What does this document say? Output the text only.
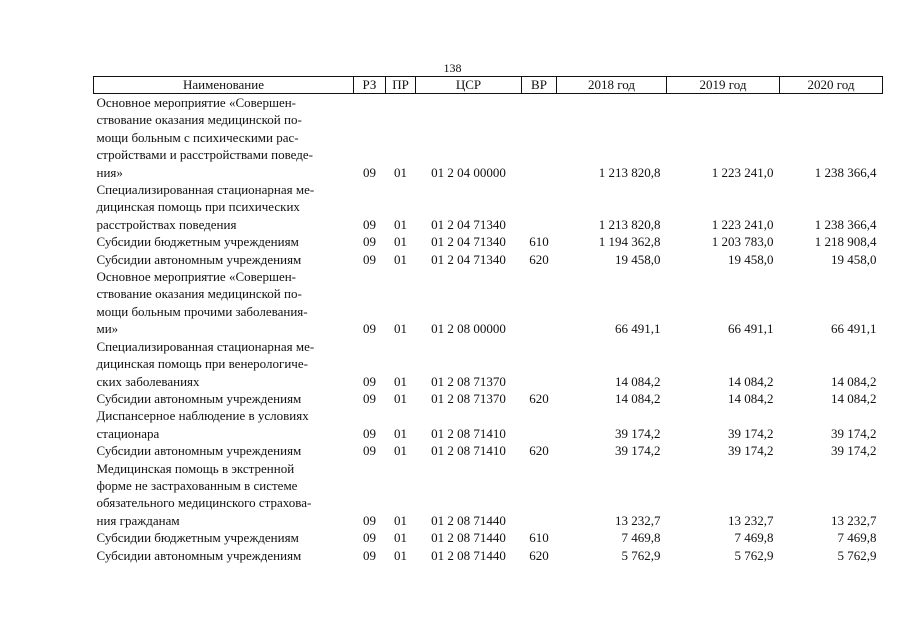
138
Наименование	РЗ	ПР	ЦСР	ВР	2018 год	2019 год	2020 год

Основное мероприятие «Совершен-
ствование оказания медицинской по-
мощи больным с психическими рас-
стройствами и расстройствами поведе-
ния»	09	01	01 2 04 00000		1 213 820,8	1 223 241,0	1 238 366,4

Специализированная стационарная ме-
дицинская помощь при психических
расстройствах поведения	09	01	01 2 04 71340		1 213 820,8	1 223 241,0	1 238 366,4

Субсидии бюджетным учреждениям	09	01	01 2 04 71340	610	1 194 362,8	1 203 783,0	1 218 908,4

Субсидии автономным учреждениям	09	01	01 2 04 71340	620	19 458,0	19 458,0	19 458,0

Основное мероприятие «Совершен-
ствование оказания медицинской по-
мощи больным прочими заболевания-
ми»	09	01	01 2 08 00000		66 491,1	66 491,1	66 491,1

Специализированная стационарная ме-
дицинская помощь при венерологиче-
ских заболеваниях	09	01	01 2 08 71370		14 084,2	14 084,2	14 084,2

Субсидии автономным учреждениям	09	01	01 2 08 71370	620	14 084,2	14 084,2	14 084,2

Диспансерное наблюдение в условиях
стационара	09	01	01 2 08 71410		39 174,2	39 174,2	39 174,2

Субсидии автономным учреждениям	09	01	01 2 08 71410	620	39 174,2	39 174,2	39 174,2

Медицинская помощь в экстренной
форме не застрахованным в системе
обязательного медицинского страхова-
ния гражданам	09	01	01 2 08 71440		13 232,7	13 232,7	13 232,7

Субсидии бюджетным учреждениям	09	01	01 2 08 71440	610	7 469,8	7 469,8	7 469,8

Субсидии автономным учреждениям	09	01	01 2 08 71440	620	5 762,9	5 762,9	5 762,9
